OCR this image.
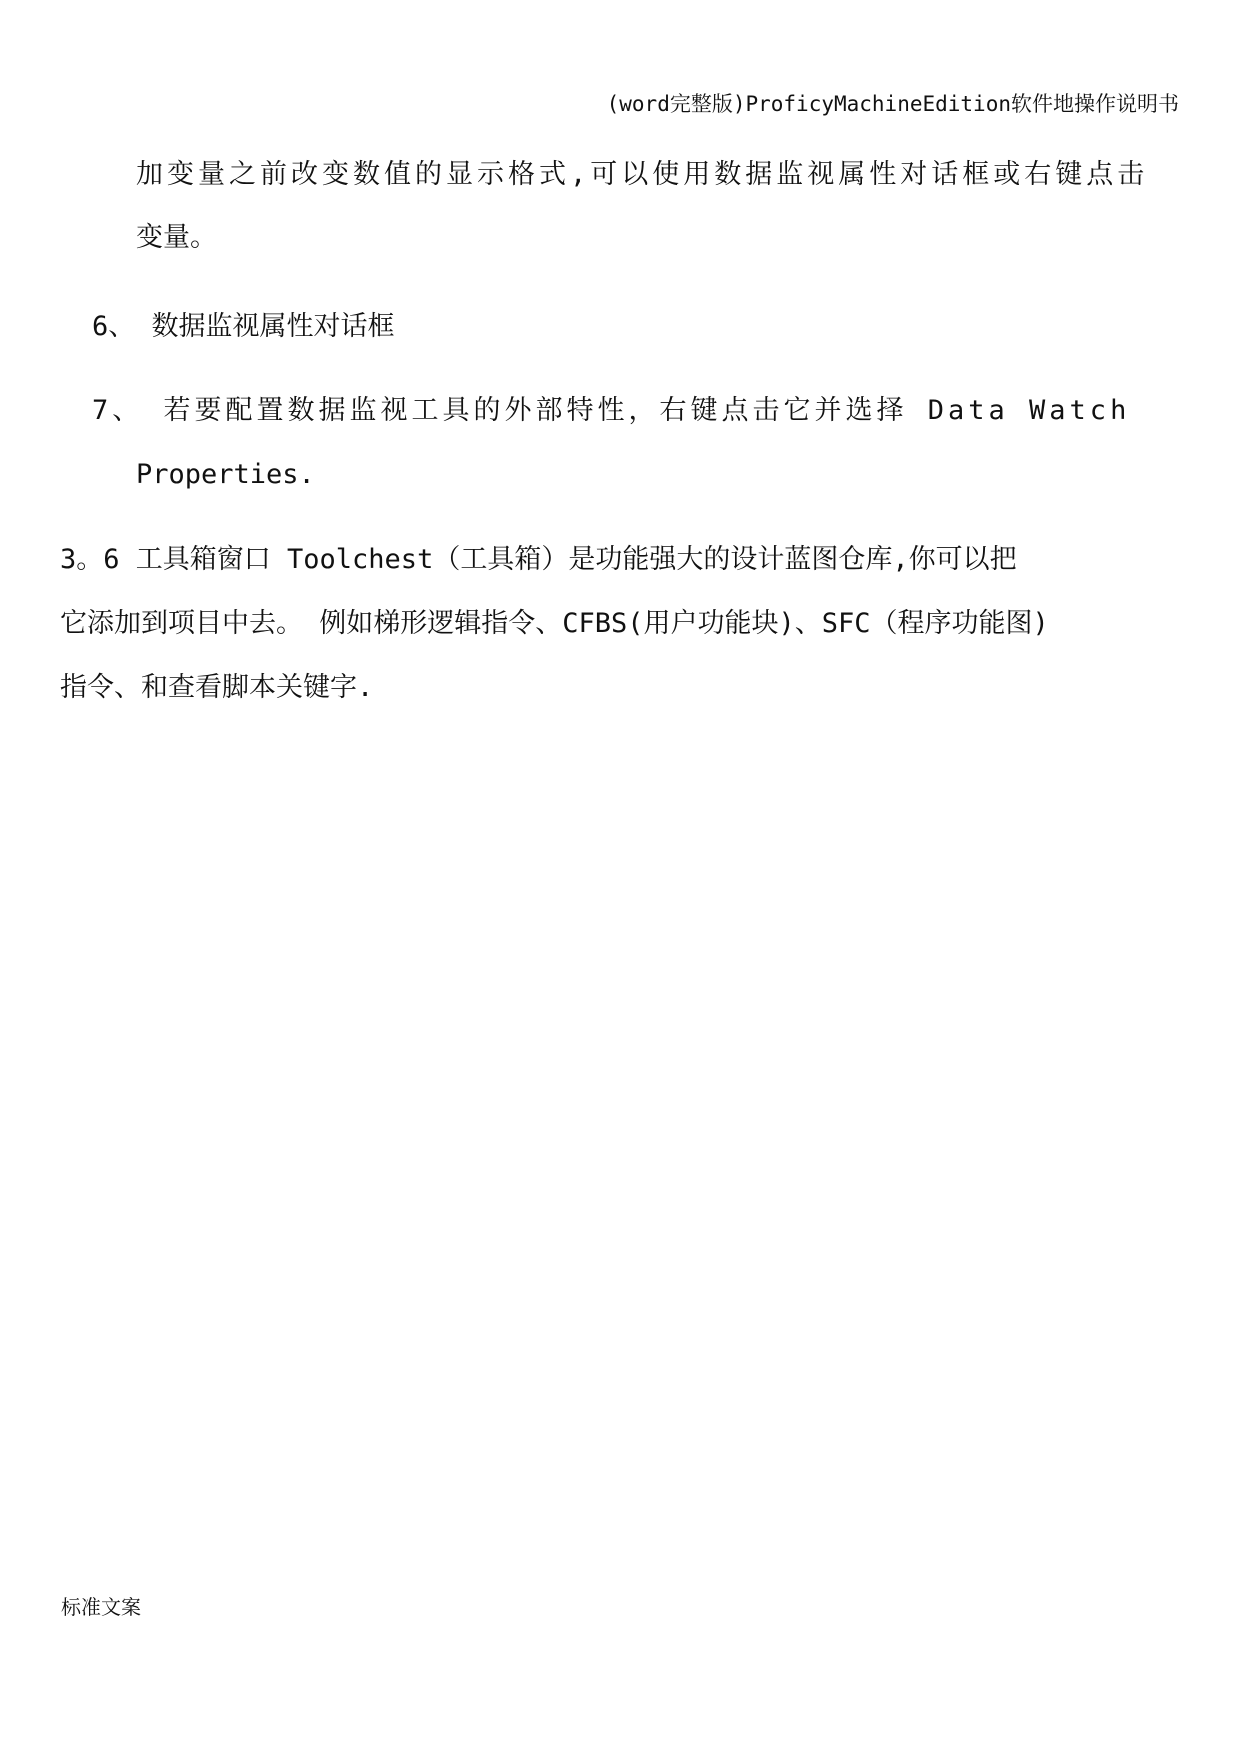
(word完整版)ProficyMachineEdition软件地操作说明书
加变量之前改变数值的显示格式,可以使用数据监视属性对话框或右键点击
变量。
6、 数据监视属性对话框
7、 若要配置数据监视工具的外部特性，右键点击它并选择 Data Watch
Properties.
3。6 工具箱窗口 Toolchest（工具箱）是功能强大的设计蓝图仓库,你可以把
它添加到项目中去。 例如梯形逻辑指令、CFBS(用户功能块)、SFC（程序功能图)
指令、和查看脚本关键字.
标准文案
